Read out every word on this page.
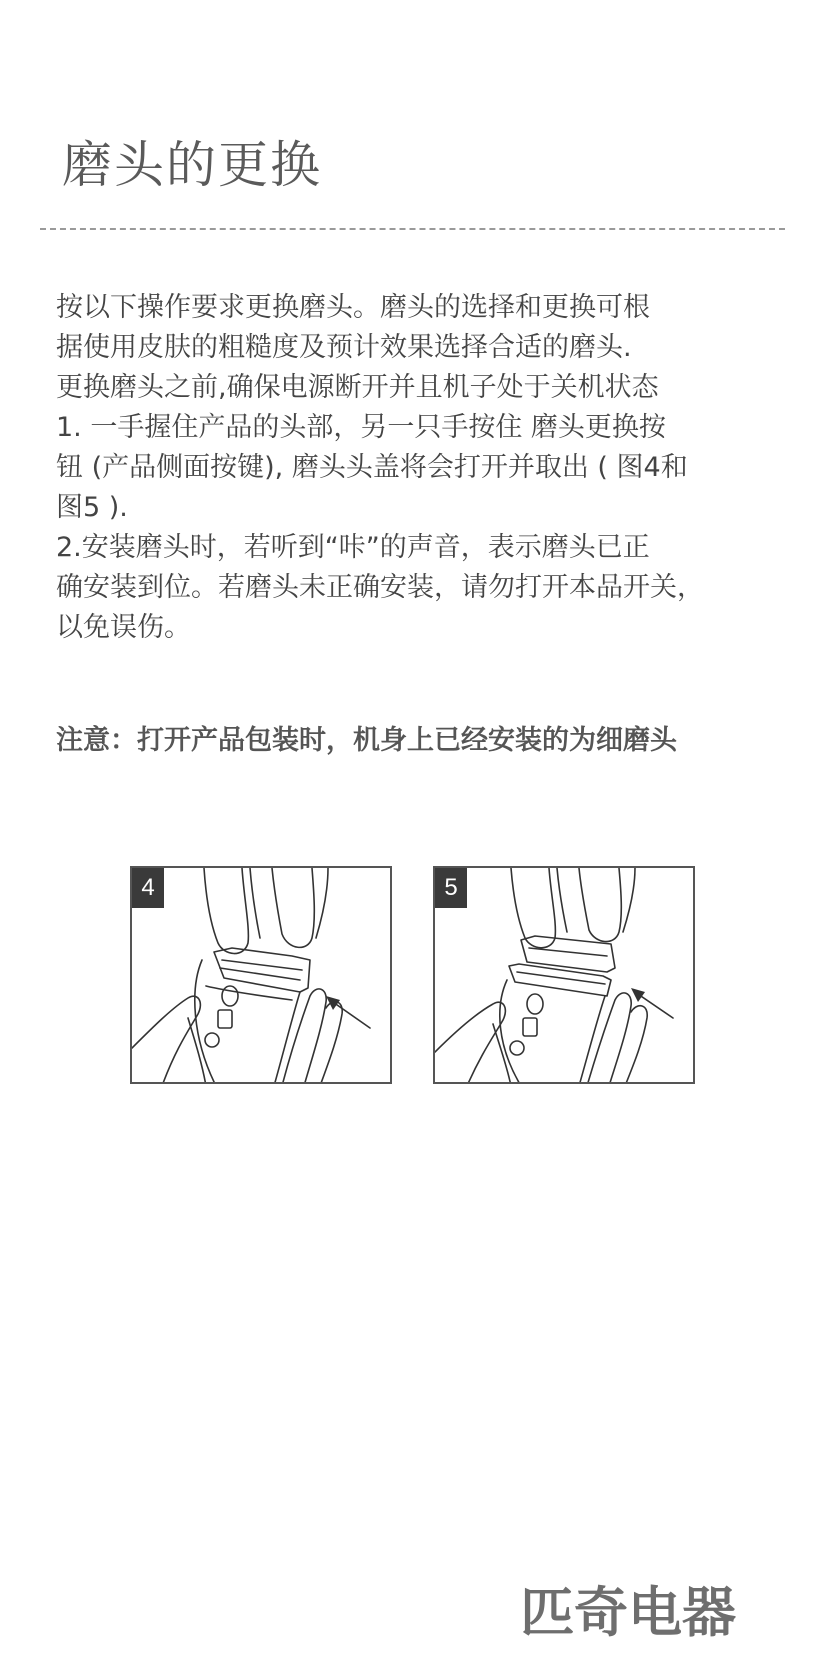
磨头的更换

按以下操作要求更换磨头。磨头的选择和更换可根

据使用皮肤的粗糙度及预计效果选择合适的磨头.

更换磨头之前,确保电源断开并且机子处于关机状态

1. 一手握住产品的头部，另一只手按住 磨头更换按

钮 (产品侧面按键), 磨头头盖将会打开并取出 ( 图4和

图5 ).

2.安装磨头时，若听到“咔”的声音，表示磨头已正

确安装到位。若磨头未正确安装，请勿打开本品开关，

以免误伤。

注意：打开产品包装时，机身上已经安装的为细磨头
4	5
匹奇电器
